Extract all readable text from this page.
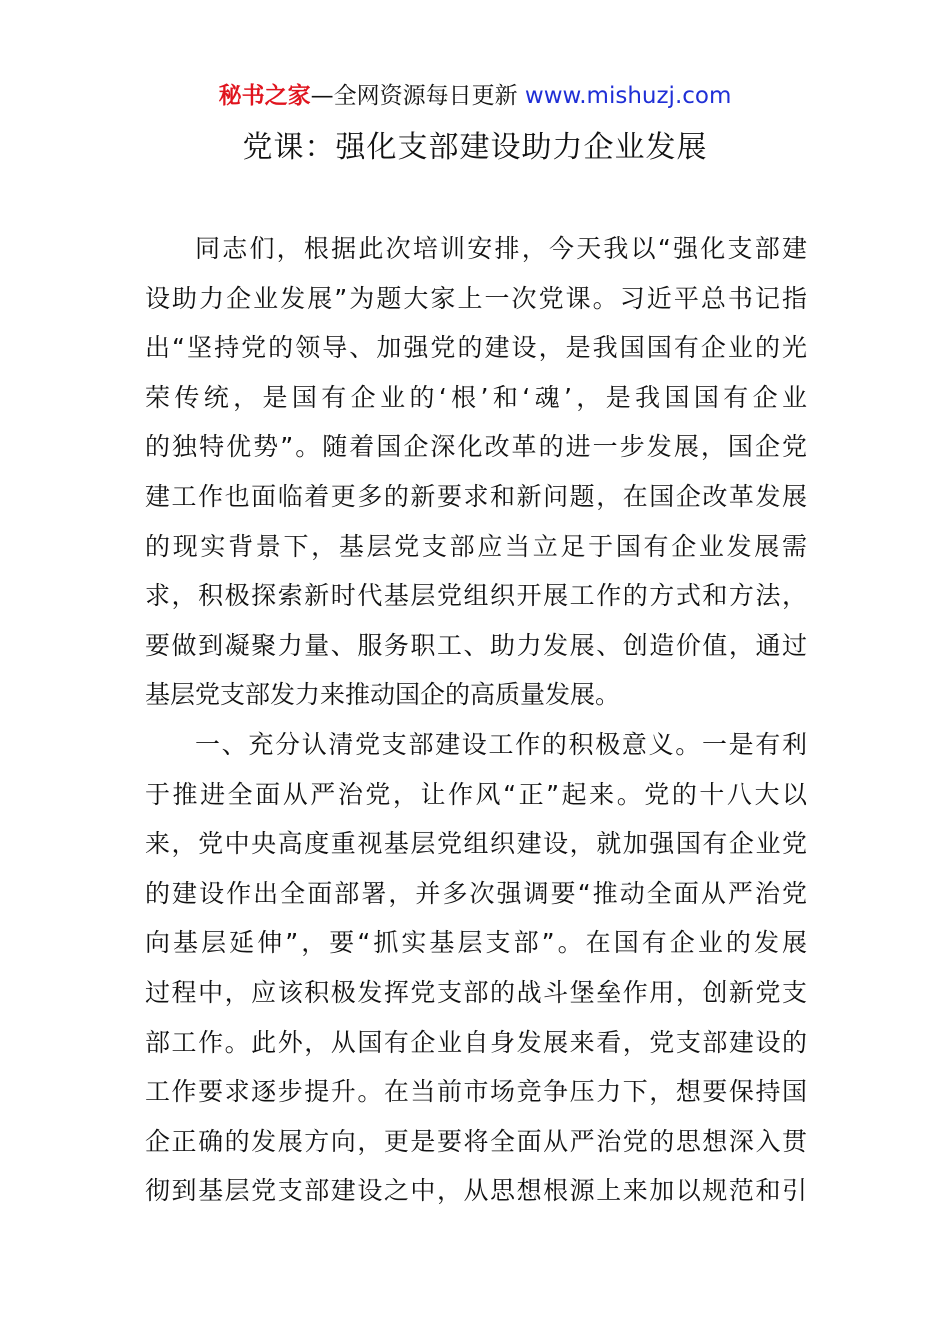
秘书之家—全网资源每日更新 www.mishuzj.com
党课：强化支部建设助力企业发展
同志们，根据此次培训安排，今天我以“强化支部建
设助力企业发展”为题大家上一次党课。习近平总书记指
出“坚持党的领导、加强党的建设，是我国国有企业的光
荣传统，是国有企业的‘根’和‘魂’，是我国国有企业
的独特优势”。随着国企深化改革的进一步发展，国企党
建工作也面临着更多的新要求和新问题，在国企改革发展
的现实背景下，基层党支部应当立足于国有企业发展需
求，积极探索新时代基层党组织开展工作的方式和方法，
要做到凝聚力量、服务职工、助力发展、创造价值，通过
基层党支部发力来推动国企的高质量发展。
一、充分认清党支部建设工作的积极意义。一是有利
于推进全面从严治党，让作风“正”起来。党的十八大以
来，党中央高度重视基层党组织建设，就加强国有企业党
的建设作出全面部署，并多次强调要“推动全面从严治党
向基层延伸”，要“抓实基层支部”。在国有企业的发展
过程中，应该积极发挥党支部的战斗堡垒作用，创新党支
部工作。此外，从国有企业自身发展来看，党支部建设的
工作要求逐步提升。在当前市场竞争压力下，想要保持国
企正确的发展方向，更是要将全面从严治党的思想深入贯
彻到基层党支部建设之中，从思想根源上来加以规范和引
